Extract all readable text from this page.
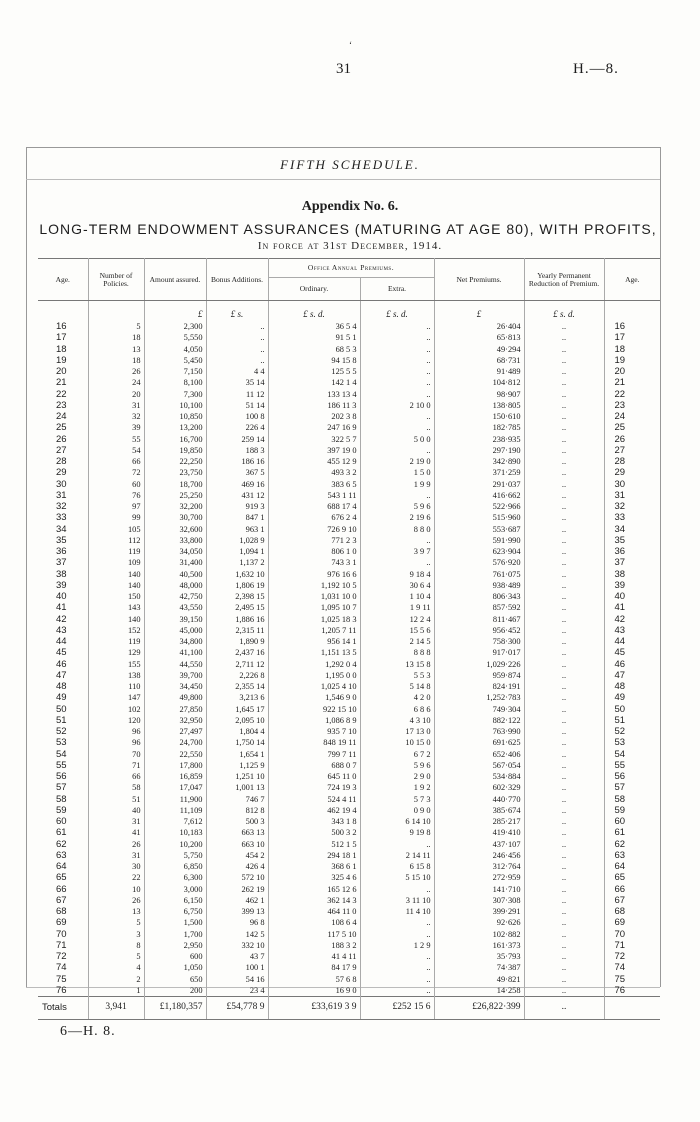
‘
31	H.—8.
FIFTH SCHEDULE.
Appendix No. 6.
LONG-TERM ENDOWMENT ASSURANCES (MATURING AT AGE 80), WITH PROFITS,
In force at 31st December, 1914.
Age.	Number of Policies.	Amount assured.	Bonus Additions.	Office Annual Premiums.		Net Premiums.	Yearly Permanent Reduction of Premium.	Age.
				Ordinary.	Extra.			
		£	£ s.	£ s. d.	£ s. d.	£	£ s. d.	
16	5	2,300	..	36 5 4	..	26·404	..	16
17	18	5,550	..	91 5 1	..	65·813	..	17
18	13	4,050	..	68 5 3	..	49·294	..	18
19	18	5,450	..	94 15 8	..	68·731	..	19
20	26	7,150	4 4	125 5 5	..	91·489	..	20
21	24	8,100	35 14	142 1 4	..	104·812	..	21
22	20	7,300	11 12	133 13 4	..	98·907	..	22
23	31	10,100	51 14	186 11 3	2 10 0	138·805	..	23
24	32	10,850	100 8	202 3 8	..	150·610	..	24
25	39	13,200	226 4	247 16 9	..	182·785	..	25
26	55	16,700	259 14	322 5 7	5 0 0	238·935	..	26
27	54	19,850	188 3	397 19 0	..	297·190	..	27
28	66	22,250	186 16	455 12 9	2 19 0	342·890	..	28
29	72	23,750	367 5	493 3 2	1 5 0	371·259	..	29
30	60	18,700	469 16	383 6 5	1 9 9	291·037	..	30
31	76	25,250	431 12	543 1 11	..	416·662	..	31
32	97	32,200	919 3	688 17 4	5 9 6	522·966	..	32
33	99	30,700	847 1	676 2 4	2 19 6	515·960	..	33
34	105	32,600	963 1	726 9 10	8 8 0	553·687	..	34
35	112	33,800	1,028 9	771 2 3	..	591·990	..	35
36	119	34,050	1,094 1	806 1 0	3 9 7	623·904	..	36
37	109	31,400	1,137 2	743 3 1	..	576·920	..	37
38	140	40,500	1,632 10	976 16 6	9 18 4	761·075	..	38
39	140	48,000	1,806 19	1,192 10 5	30 6 4	938·489	..	39
40	150	42,750	2,398 15	1,031 10 0	1 10 4	806·343	..	40
41	143	43,550	2,495 15	1,095 10 7	1 9 11	857·592	..	41
42	140	39,150	1,886 16	1,025 18 3	12 2 4	811·467	..	42
43	152	45,000	2,315 11	1,205 7 11	15 5 6	956·452	..	43
44	119	34,800	1,890 9	956 14 1	2 14 5	758·300	..	44
45	129	41,100	2,437 16	1,151 13 5	8 8 8	917·017	..	45
46	155	44,550	2,711 12	1,292 0 4	13 15 8	1,029·226	..	46
47	138	39,700	2,226 8	1,195 0 0	5 5 3	959·874	..	47
48	110	34,450	2,355 14	1,025 4 10	5 14 8	824·191	..	48
49	147	49,800	3,213 6	1,546 9 0	4 2 0	1,252·783	..	49
50	102	27,850	1,645 17	922 15 10	6 8 6	749·304	..	50
51	120	32,950	2,095 10	1,086 8 9	4 3 10	882·122	..	51
52	96	27,497	1,804 4	935 7 10	17 13 0	763·990	..	52
53	96	24,700	1,750 14	848 19 11	10 15 0	691·625	..	53
54	70	22,550	1,654 1	799 7 11	6 7 2	652·406	..	54
55	71	17,800	1,125 9	688 0 7	5 9 6	567·054	..	55
56	66	16,859	1,251 10	645 11 0	2 9 0	534·884	..	56
57	58	17,047	1,001 13	724 19 3	1 9 2	602·329	..	57
58	51	11,900	746 7	524 4 11	5 7 3	440·770	..	58
59	40	11,109	812 8	462 19 4	0 9 0	385·674	..	59
60	31	7,612	500 3	343 1 8	6 14 10	285·217	..	60
61	41	10,183	663 13	500 3 2	9 19 8	419·410	..	61
62	26	10,200	663 10	512 1 5	..	437·107	..	62
63	31	5,750	454 2	294 18 1	2 14 11	246·456	..	63
64	30	6,850	426 4	368 6 1	6 15 8	312·764	..	64
65	22	6,300	572 10	325 4 6	5 15 10	272·959	..	65
66	10	3,000	262 19	165 12 6	..	141·710	..	66
67	26	6,150	462 1	362 14 3	3 11 10	307·308	..	67
68	13	6,750	399 13	464 11 0	11 4 10	399·291	..	68
69	5	1,500	96 8	108 6 4	..	92·626	..	69
70	3	1,700	142 5	117 5 10	..	102·882	..	70
71	8	2,950	332 10	188 3 2	1 2 9	161·373	..	71
72	5	600	43 7	41 4 11	..	35·793	..	72
74	4	1,050	100 1	84 17 9	..	74·387	..	74
75	2	650	54 16	57 6 8	..	49·821	..	75
76	1	200	23 4	16 9 0	..	14·258	..	76
Totals	3,941	£1,180,357	£54,778 9	£33,619 3 9	£252 15 6	£26,822·399	..	
6—H. 8.
